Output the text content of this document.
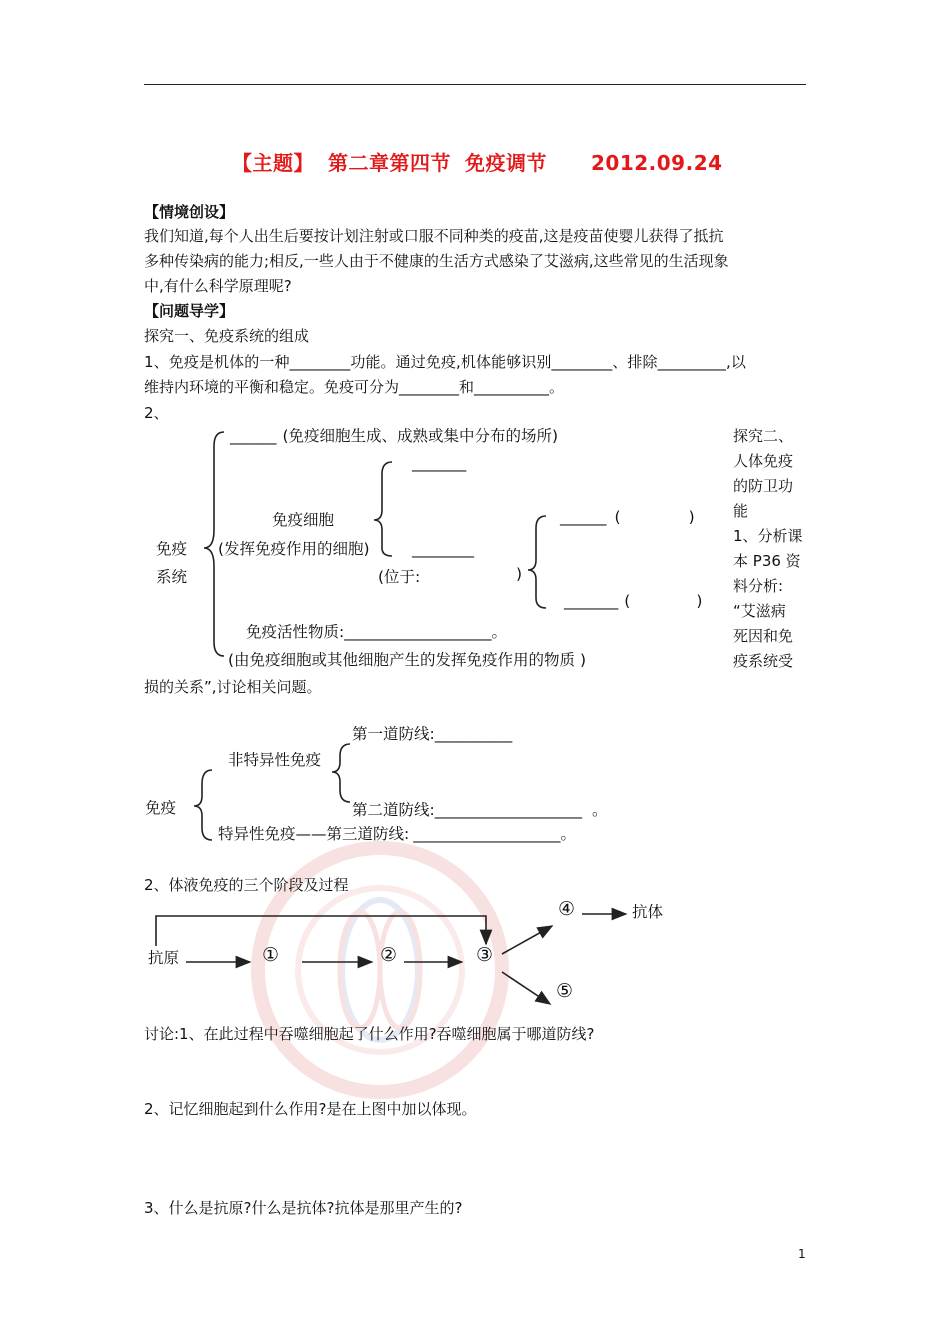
【主题】 第二章第四节 免疫调节 2012.09.24
【情境创设】
我们知道,每个人出生后要按计划注射或口服不同种类的疫苗,这是疫苗使婴儿获得了抵抗
多种传染病的能力;相反,一些人由于不健康的生活方式感染了艾滋病,这些常见的生活现象
中,有什么科学原理呢?
【问题导学】
探究一、免疫系统的组成
1、免疫是机体的一种________功能。通过免疫,机体能够识别________、排除_________,以
维持内环境的平衡和稳定。免疫可分为________和__________。
2、
______ (免疫细胞生成、成熟或集中分布的场所)
免疫
系统
免疫细胞
(发挥免疫作用的细胞)
_______
________
(位于:	)
______ (	)
_______ (	)
免疫活性物质:___________________。
(由免疫细胞或其他细胞产生的发挥免疫作用的物质 )
探究二、
人体免疫
的防卫功
能
1、分析课
本 P36 资
料分析:
“艾滋病
死因和免
疫系统受
损的关系”,讨论相关问题。
免疫
非特异性免疫
第一道防线:__________
第二道防线:___________________ 。
特异性免疫——第三道防线: ___________________。
2、体液免疫的三个阶段及过程
抗原	①	②	③
④
⑤
抗体
讨论:1、在此过程中吞噬细胞起了什么作用?吞噬细胞属于哪道防线?
2、记忆细胞起到什么作用?是在上图中加以体现。
3、什么是抗原?什么是抗体?抗体是那里产生的?
1
